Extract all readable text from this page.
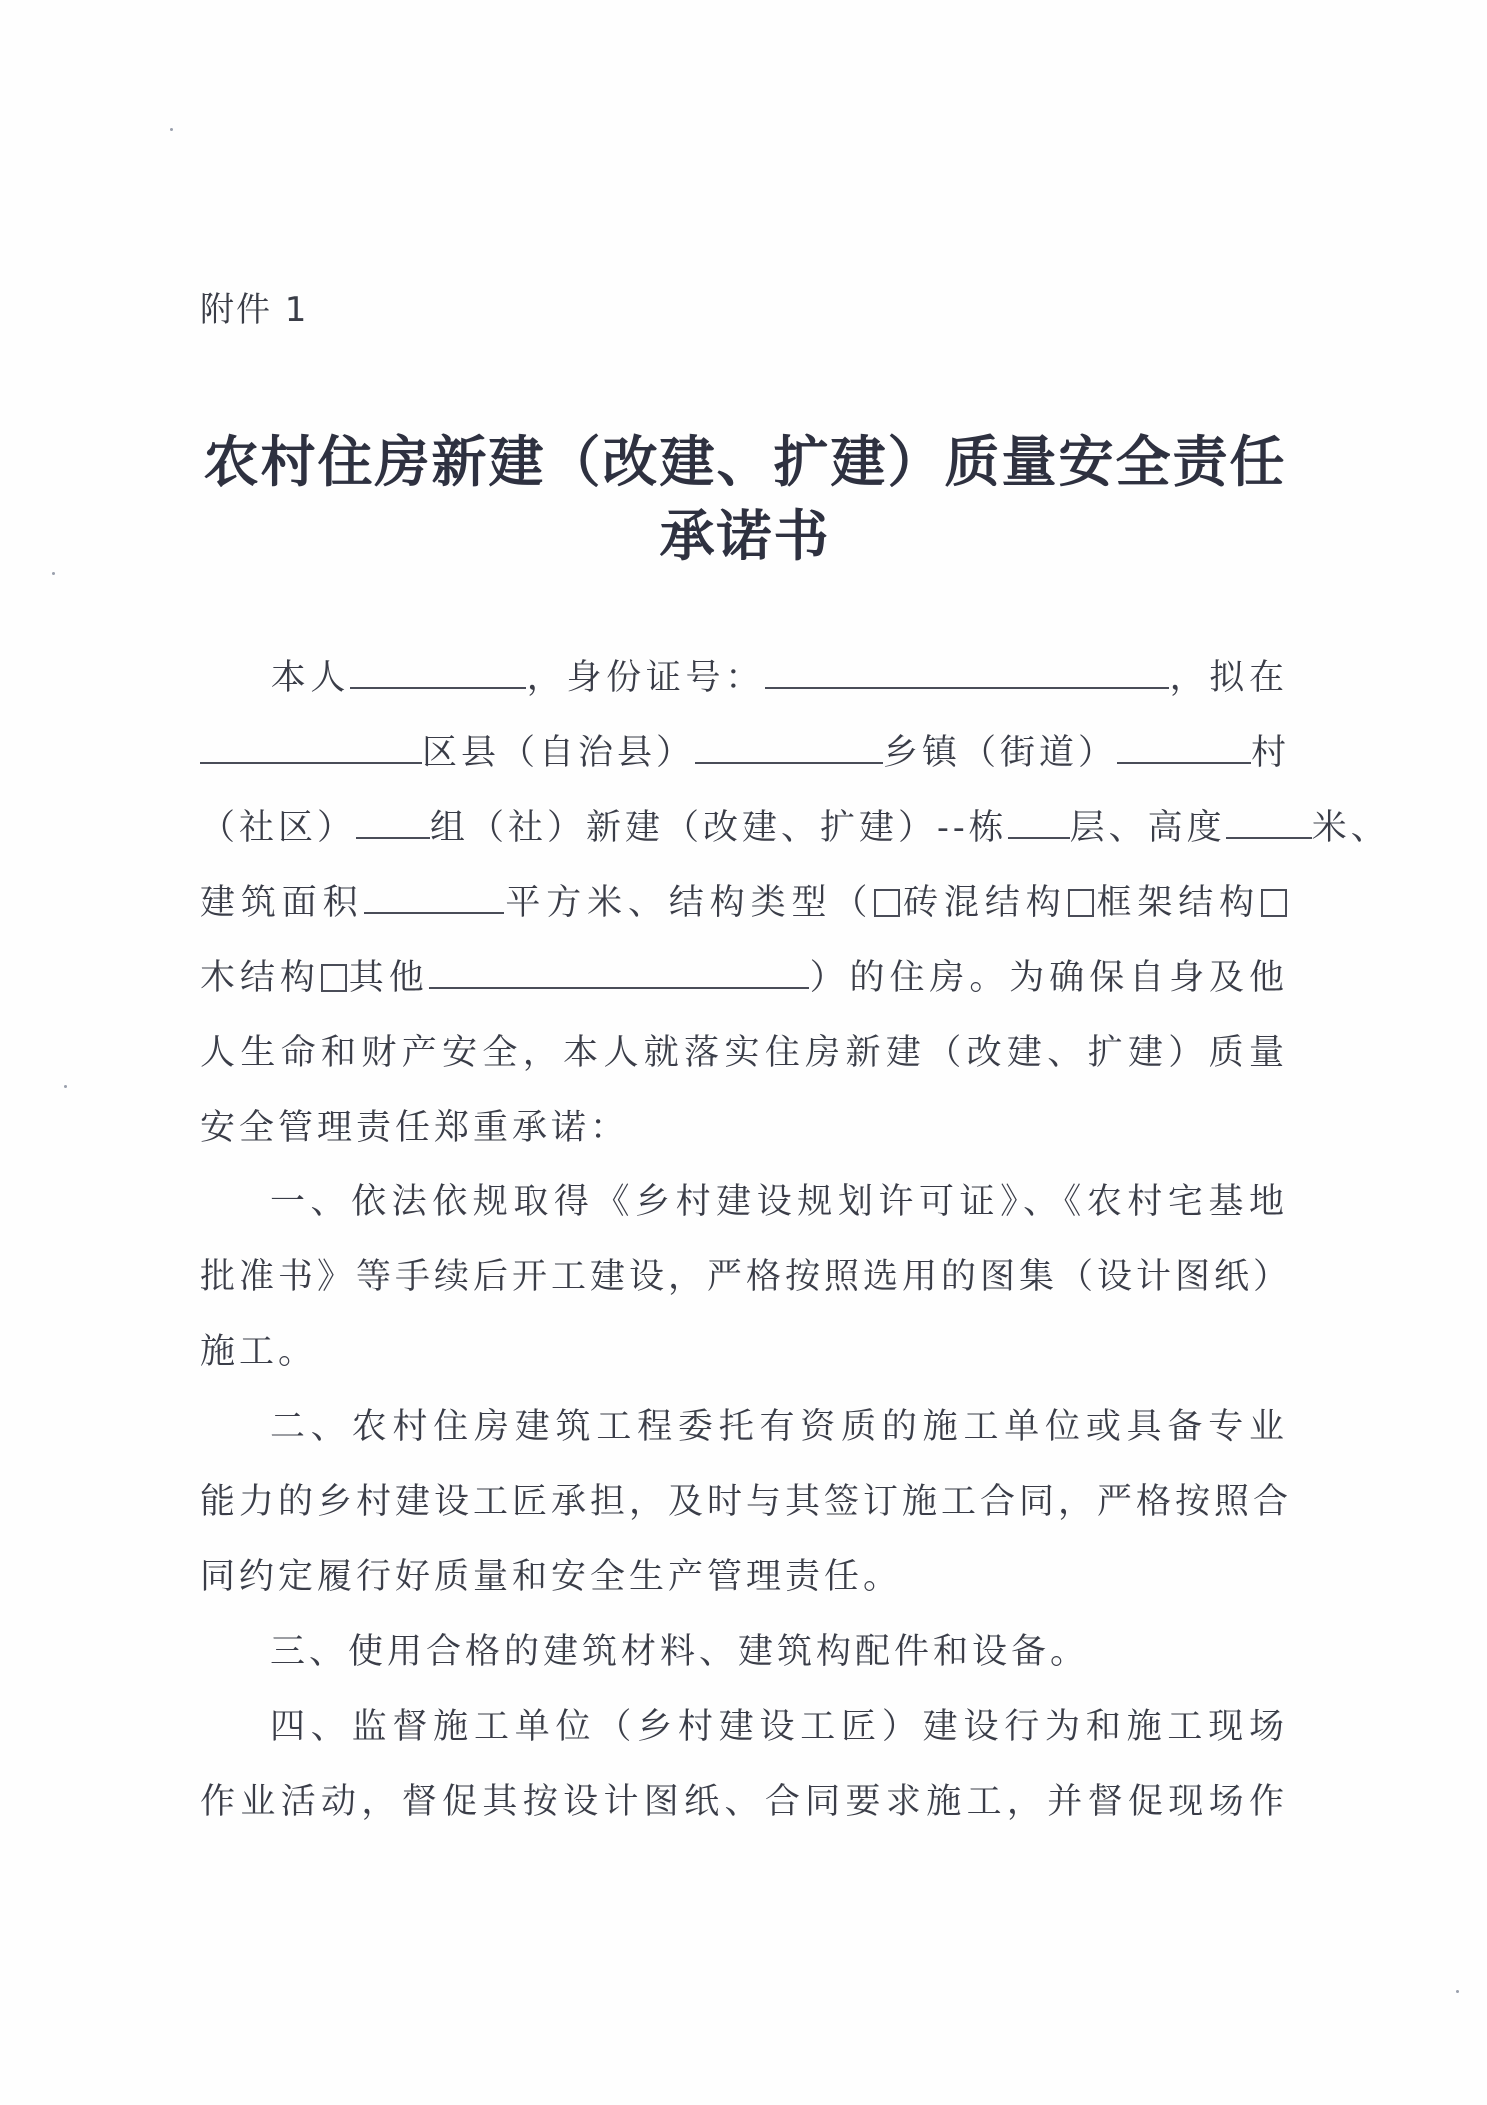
附件 1
农村住房新建（改建、扩建）质量安全责任
承诺书
本人	，身份证号：	，拟在
区县（自治县）	乡镇（街道）	村
（社区） 组（社）新建（改建、扩建）--栋 层、高度 米、
建筑面积	平方米、结构类型（ 砖混结构 框架结构
木结构 其他	）的住房。为确保自身及他
人生命和财产安全，本人就落实住房新建（改建、扩建）质量
安全管理责任郑重承诺：
一、依法依规取得《乡村建设规划许可证》、《农村宅基地
批准书》等手续后开工建设，严格按照选用的图集（设计图纸）
施工。
二、农村住房建筑工程委托有资质的施工单位或具备专业
能力的乡村建设工匠承担，及时与其签订施工合同，严格按照合
同约定履行好质量和安全生产管理责任。
三、使用合格的建筑材料、建筑构配件和设备。
四、监督施工单位（乡村建设工匠）建设行为和施工现场
作业活动，督促其按设计图纸、合同要求施工，并督促现场作
